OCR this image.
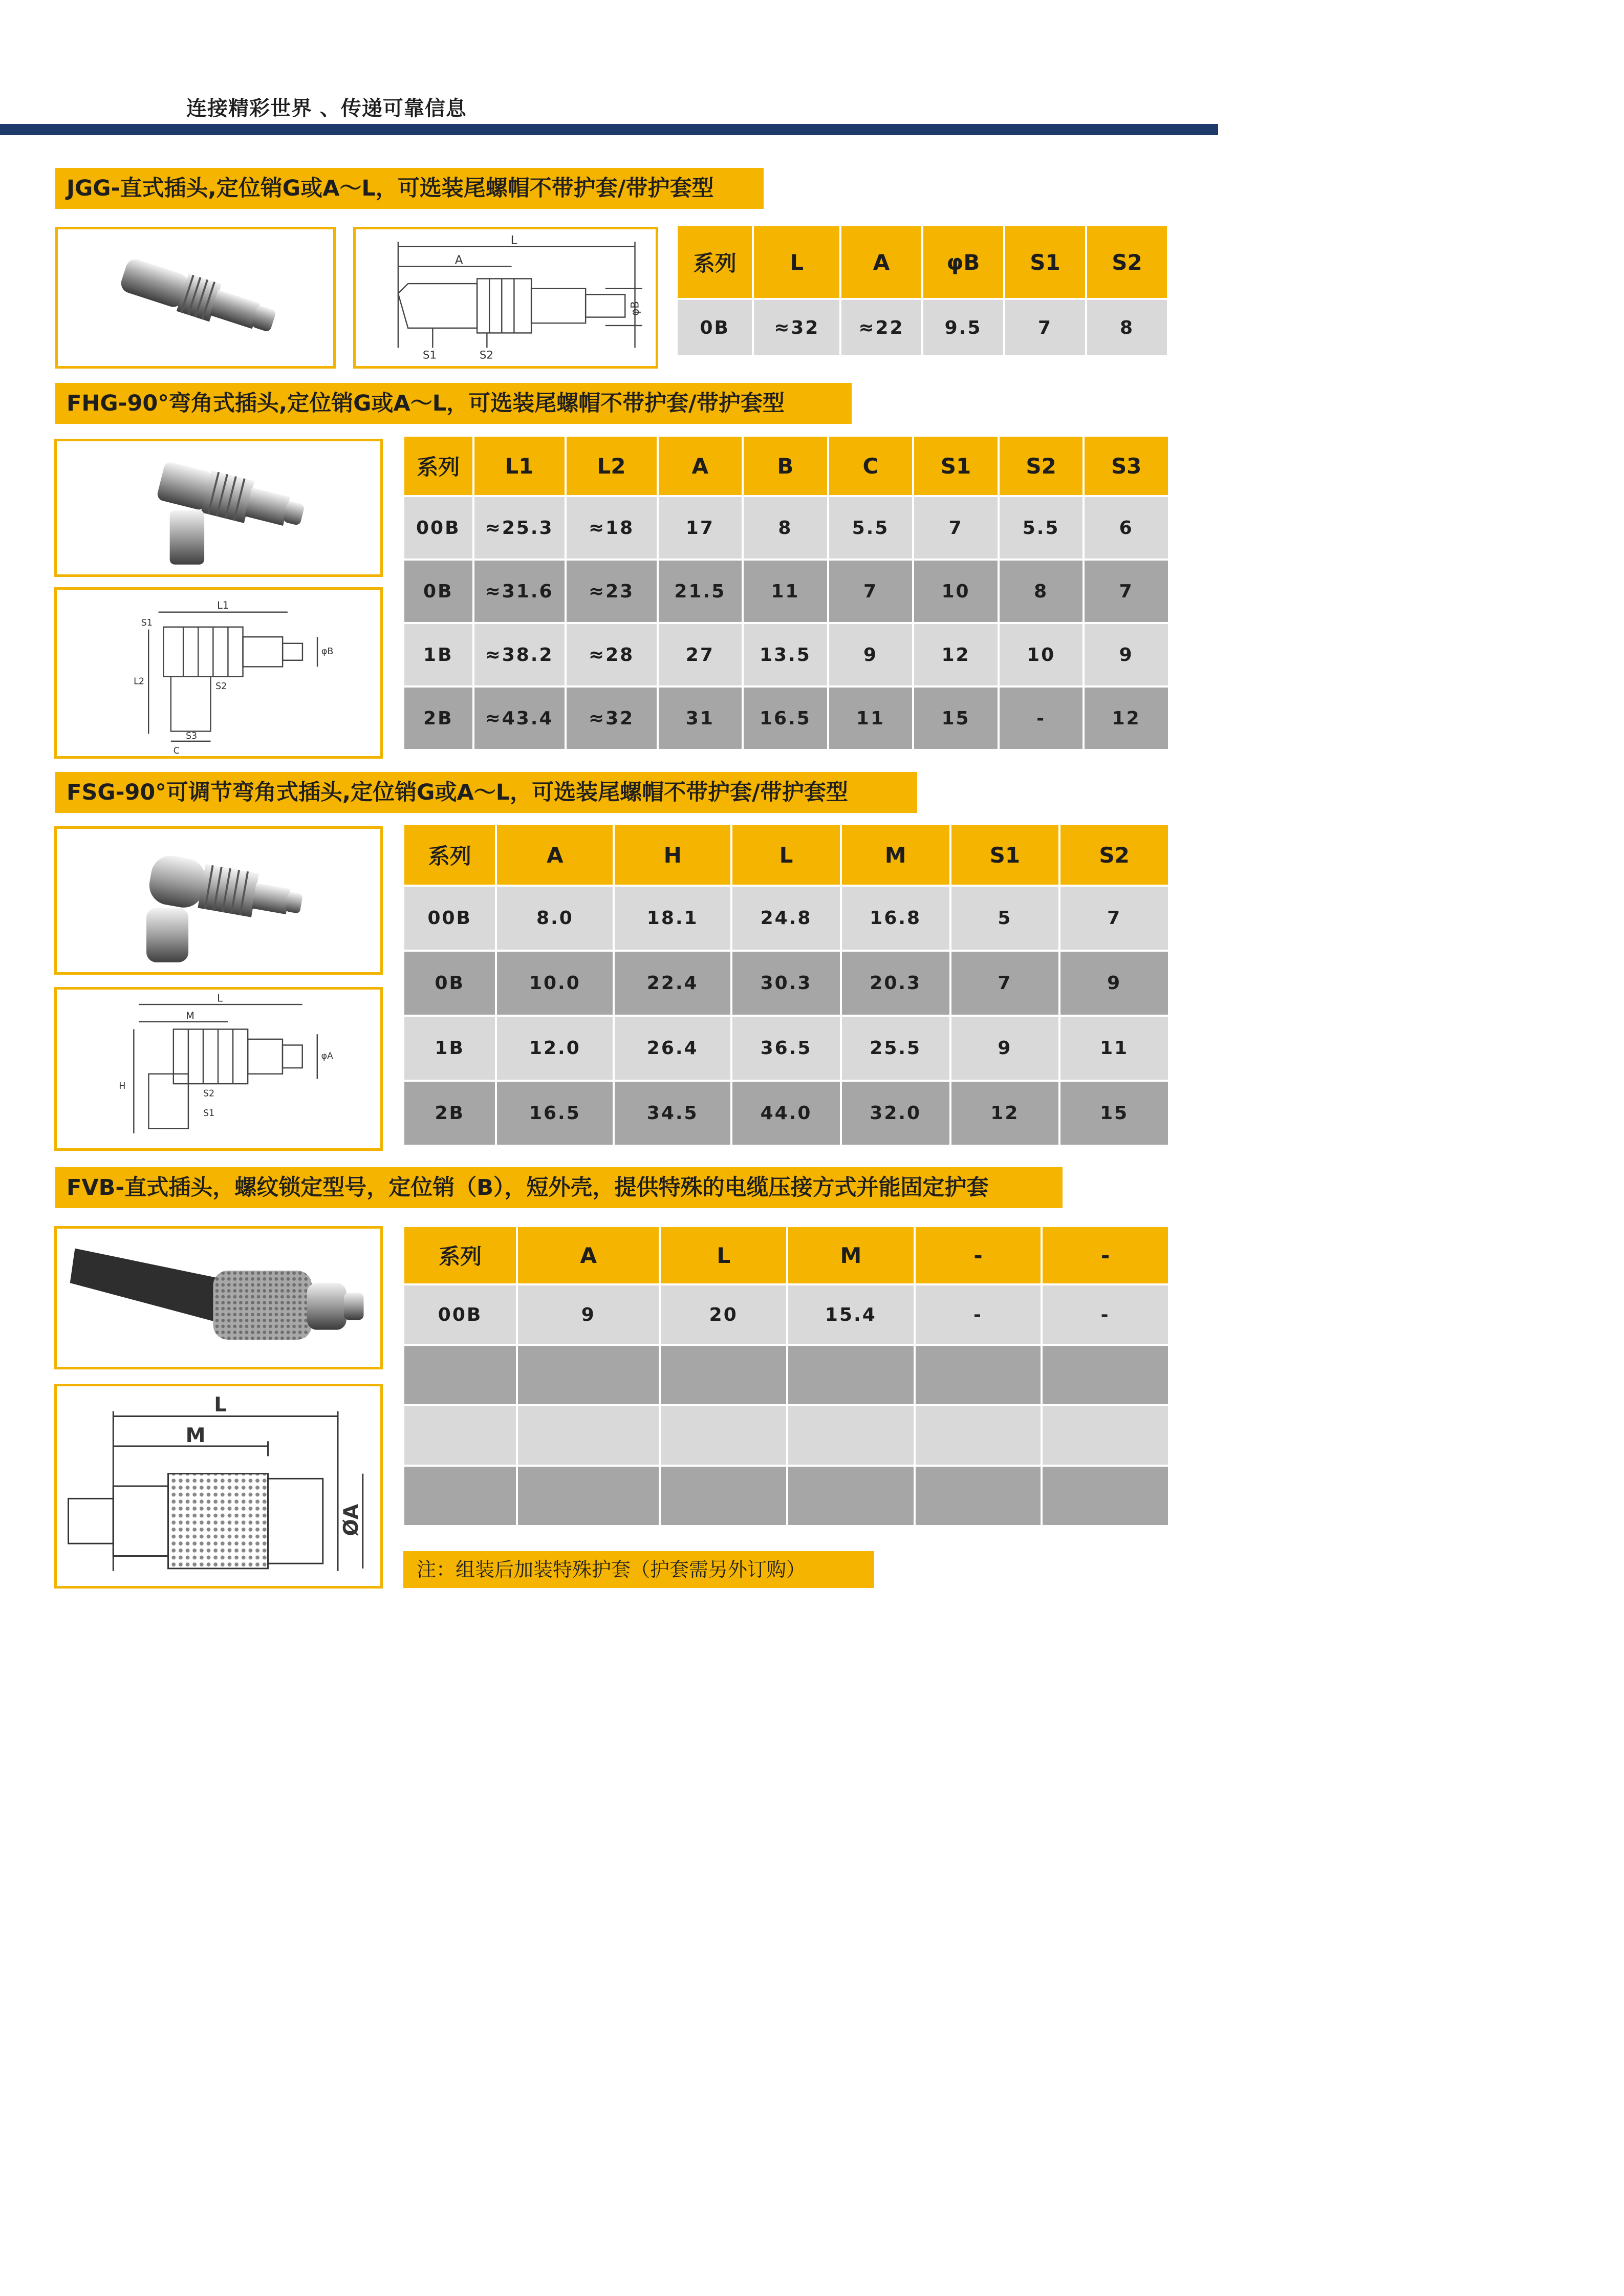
连接精彩世界 、传递可靠信息
JGG-直式插头,定位销G或A～L，可选装尾螺帽不带护套/带护套型
L
A
φB
S1	S2
系列	L	A	φB	S1	S2
0B	≈32	≈22	9.5	7	8
FHG-90°弯角式插头,定位销G或A～L，可选装尾螺帽不带护套/带护套型
L1
S1
φB
L2	S2
S3
C
系列	L1	L2	A	B	C	S1	S2	S3
00B	≈25.3	≈18	17	8	5.5	7	5.5	6
0B	≈31.6	≈23	21.5	11	7	10	8	7
1B	≈38.2	≈28	27	13.5	9	12	10	9
2B	≈43.4	≈32	31	16.5	11	15	-	12
FSG-90°可调节弯角式插头,定位销G或A～L，可选装尾螺帽不带护套/带护套型
L
M
φA
H
S2
S1
系列	A	H	L	M	S1	S2
00B	8.0	18.1	24.8	16.8	5	7
0B	10.0	22.4	30.3	20.3	7	9
1B	12.0	26.4	36.5	25.5	9	11
2B	16.5	34.5	44.0	32.0	12	15
FVB-直式插头，螺纹锁定型号，定位销（B），短外壳，提供特殊的电缆压接方式并能固定护套
L
M
ØA
系列	A	L	M	-	-
00B	9	20	15.4	-	-

注：组装后加装特殊护套（护套需另外订购）
